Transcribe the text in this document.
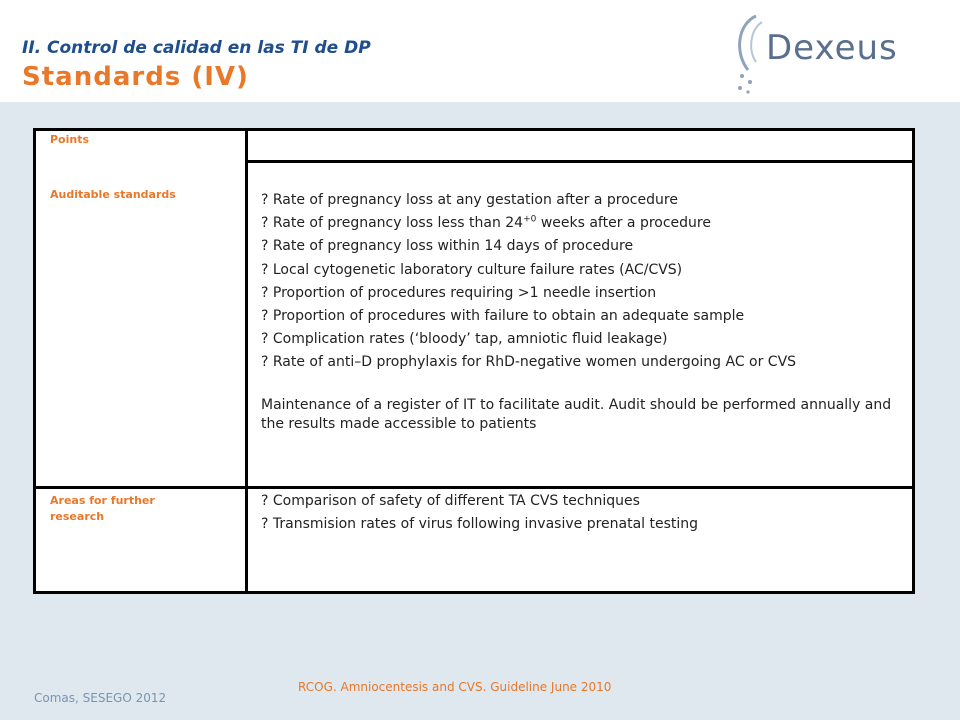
II. Control de calidad en las TI de DP
Standards (IV)
Dexeus
Points
Auditable standards
Areas for further research
? Rate of pregnancy loss at any gestation after a procedure
? Rate of pregnancy loss less than $24^{+0}$ weeks after a procedure
? Rate of pregnancy loss within 14 days of procedure
? Local cytogenetic laboratory culture failure rates (AC/CVS)
? Proportion of procedures requiring >1 needle insertion
? Proportion of procedures with failure to obtain an adequate sample
? Complication rates (‘bloody’ tap, amniotic fluid leakage)
? Rate of anti–D prophylaxis for RhD-negative women undergoing AC or CVS
Maintenance of a register of IT to facilitate audit. Audit should be performed annually and the results made accessible to patients
? Comparison of safety of different TA CVS techniques
? Transmision rates of virus following invasive prenatal testing
RCOG. Amniocentesis and CVS. Guideline June 2010
Comas, SESEGO 2012
